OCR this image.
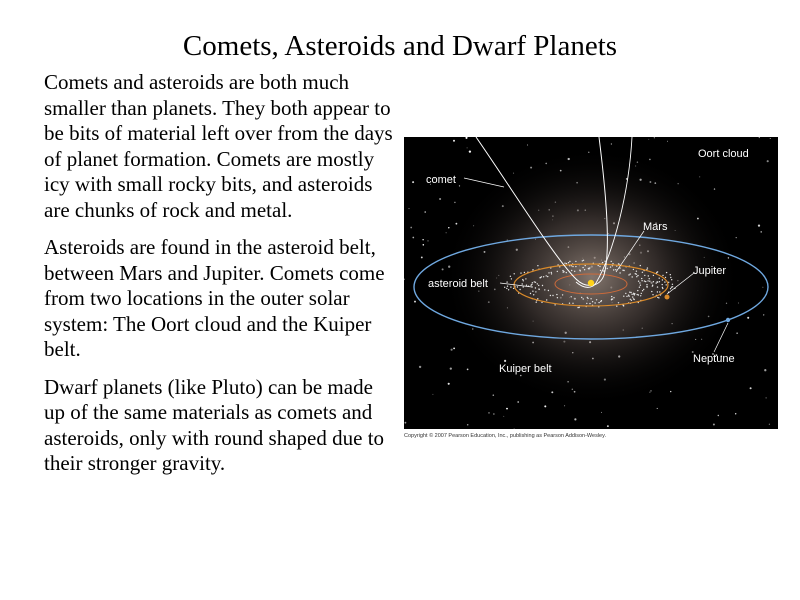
Comets, Asteroids and Dwarf Planets

Comets and asteroids are both much smaller than planets. They both appear to be bits of material left over from the days of planet formation. Comets are mostly icy with small rocky bits, and asteroids are chunks of rock and metal.

Asteroids are found in the asteroid belt, between Mars and Jupiter. Comets come from two locations in the outer solar system: The Oort cloud and the Kuiper belt.

Dwarf planets (like Pluto) can be made up of the same materials as comets and asteroids, only with round shaped due to their stronger gravity.

Oort cloud
comet
Mars
Jupiter
asteroid belt
Neptune
Kuiper belt
Copyright © 2007 Pearson Education, Inc., publishing as Pearson Addison-Wesley.
